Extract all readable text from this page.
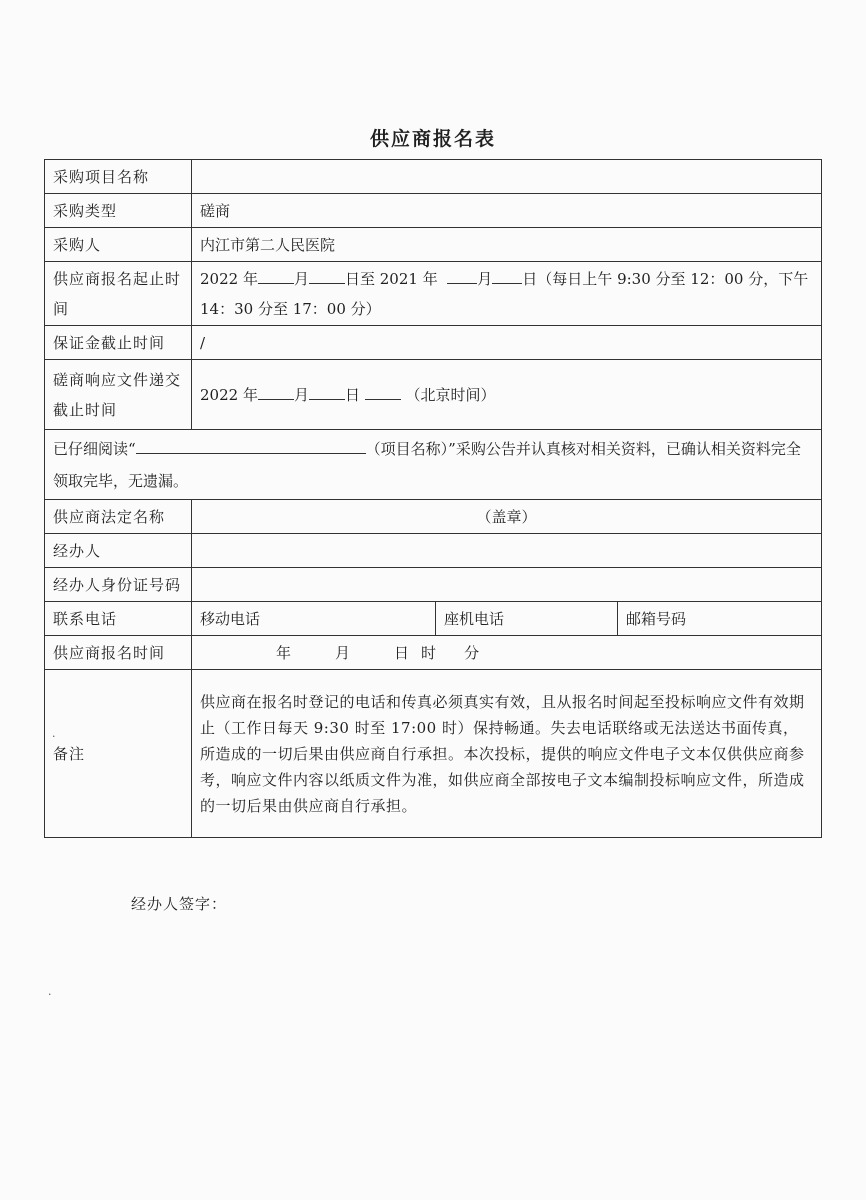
供应商报名表
采购项目名称			
采购类型	磋商		
采购人	内江市第二人民医院		
供应商报名起止时间	2022 年 月 日至 2021 年 月 日（每日上午 9:30 分至 12：00 分，下午
14：30 分至 17：00 分）		
保证金截止时间	/		
磋商响应文件递交截止时间	2022 年 月 日 （北京时间）		
已仔细阅读“ （项目名称）”采购公告并认真核对相关资料，已确认相关资料完全领取完毕，无遗漏。			
供应商法定名称	（盖章）		
经办人			
经办人身份证号码			
联系电话	移动电话	座机电话	邮箱号码
供应商报名时间	年 月 日 时 分		
备注	供应商在报名时登记的电话和传真必须真实有效，且从报名时间起至投标响应文件有效期止（工作日每天 9:30 时至 17:00 时）保持畅通。失去电话联络或无法送达书面传真，所造成的一切后果由供应商自行承担。本次投标，提供的响应文件电子文本仅供供应商参考，响应文件内容以纸质文件为准，如供应商全部按电子文本编制投标响应文件，所造成的一切后果由供应商自行承担。		
经办人签字：
·
·
